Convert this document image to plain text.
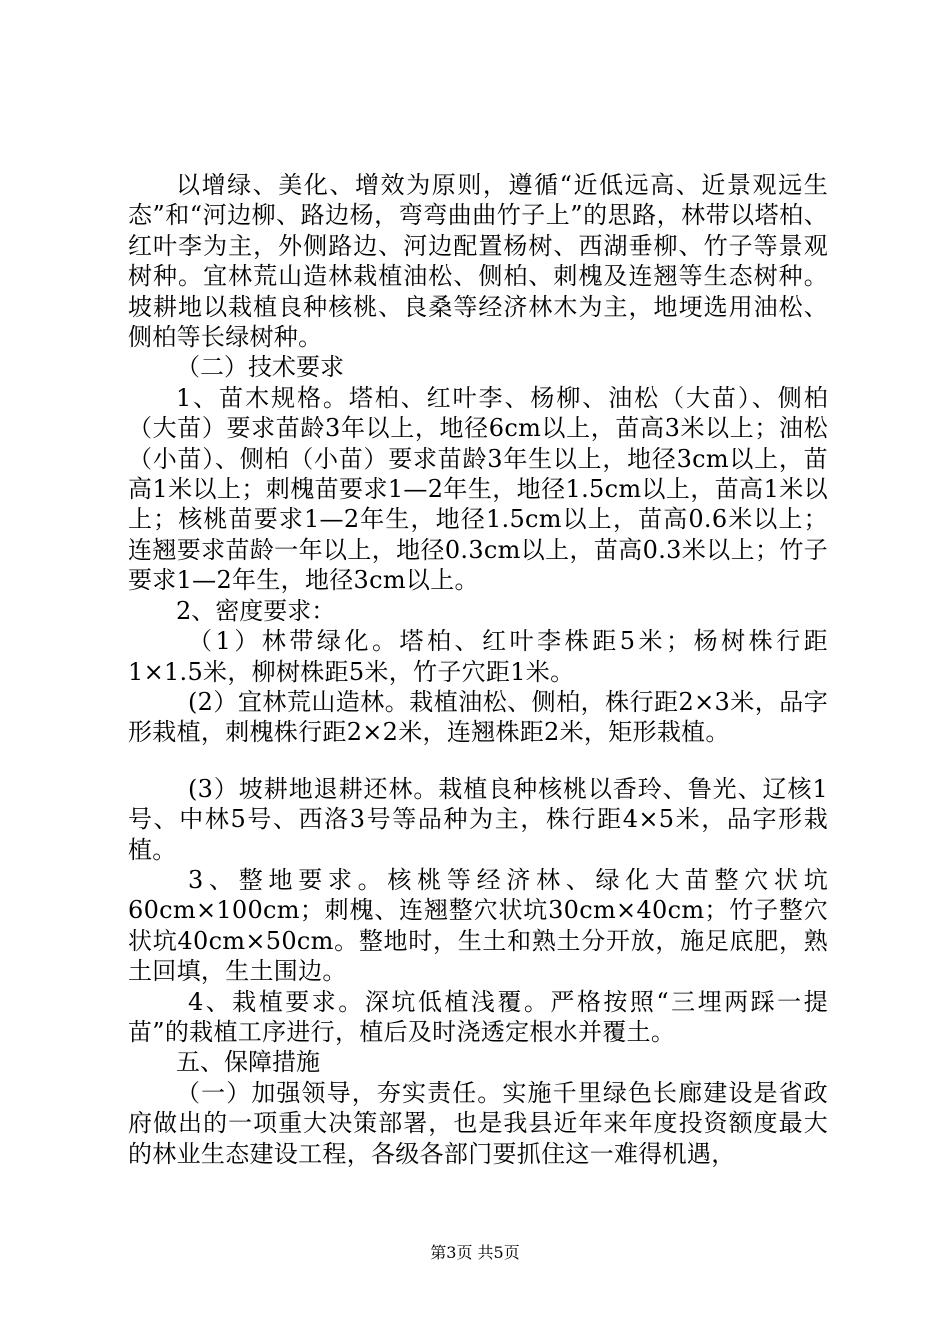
以增绿、美化、增效为原则，遵循“近低远高、近景观远生态”和“河边柳、路边杨，弯弯曲曲竹子上”的思路，林带以塔柏、红叶李为主，外侧路边、河边配置杨树、西湖垂柳、竹子等景观树种。宜林荒山造林栽植油松、侧柏、刺槐及连翘等生态树种。坡耕地以栽植良种核桃、良桑等经济林木为主，地埂选用油松、侧柏等长绿树种。

（二）技术要求

1、苗木规格。塔柏、红叶李、杨柳、油松（大苗）、侧柏（大苗）要求苗龄3年以上，地径6cm以上，苗高3米以上；油松（小苗）、侧柏（小苗）要求苗龄3年生以上，地径3cm以上，苗高1米以上；刺槐苗要求1—2年生，地径1.5cm以上，苗高1米以上；核桃苗要求1—2年生，地径1.5cm以上，苗高0.6米以上；连翘要求苗龄一年以上，地径0.3cm以上，苗高0.3米以上；竹子要求1—2年生，地径3cm以上。

2、密度要求：

（1）林带绿化。塔柏、红叶李株距5米；杨树株行距1×1.5米，柳树株距5米，竹子穴距1米。

(2）宜林荒山造林。栽植油松、侧柏，株行距2×3米，品字形栽植，刺槐株行距2×2米，连翘株距2米，矩形栽植。

(3）坡耕地退耕还林。栽植良种核桃以香玲、鲁光、辽核1号、中林5号、西洛3号等品种为主，株行距4×5米，品字形栽植。

3、整地要求。核桃等经济林、绿化大苗整穴状坑60cm×100cm；刺槐、连翘整穴状坑30cm×40cm；竹子整穴状坑40cm×50cm。整地时，生土和熟土分开放，施足底肥，熟土回填，生土围边。

4、栽植要求。深坑低植浅覆。严格按照“三埋两踩一提苗”的栽植工序进行，植后及时浇透定根水并覆土。

五、保障措施

（一）加强领导，夯实责任。实施千里绿色长廊建设是省政府做出的一项重大决策部署，也是我县近年来年度投资额度最大的林业生态建设工程，各级各部门要抓住这一难得机遇，

第3页 共5页
